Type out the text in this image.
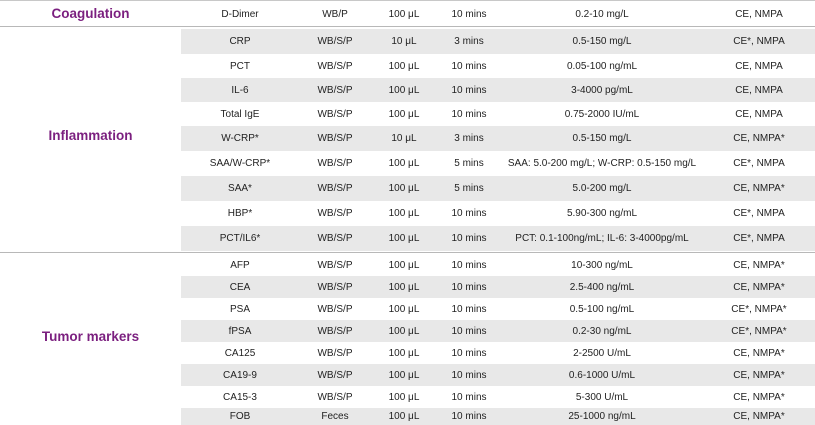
Coagulation	D-Dimer	WB/P	100 μL	10 mins	0.2-10 mg/L	CE, NMPA
Inflammation
CRP	WB/S/P	10 μL	3 mins	0.5-150 mg/L	CE*, NMPA
PCT	WB/S/P	100 μL	10 mins	0.05-100 ng/mL	CE, NMPA
IL-6	WB/S/P	100 μL	10 mins	3-4000 pg/mL	CE, NMPA
Total IgE	WB/S/P	100 μL	10 mins	0.75-2000 IU/mL	CE, NMPA
W-CRP*	WB/S/P	10 μL	3 mins	0.5-150 mg/L	CE, NMPA*
SAA/W-CRP*	WB/S/P	100 μL	5 mins	SAA: 5.0-200 mg/L; W-CRP: 0.5-150 mg/L	CE*, NMPA
SAA*	WB/S/P	100 μL	5 mins	5.0-200 mg/L	CE, NMPA*
HBP*	WB/S/P	100 μL	10 mins	5.90-300 ng/mL	CE*, NMPA
PCT/IL6*	WB/S/P	100 μL	10 mins	PCT: 0.1-100ng/mL; IL-6: 3-4000pg/mL	CE*, NMPA
Tumor markers
AFP	WB/S/P	100 μL	10 mins	10-300 ng/mL	CE, NMPA*
CEA	WB/S/P	100 μL	10 mins	2.5-400 ng/mL	CE, NMPA*
PSA	WB/S/P	100 μL	10 mins	0.5-100 ng/mL	CE*, NMPA*
fPSA	WB/S/P	100 μL	10 mins	0.2-30 ng/mL	CE*, NMPA*
CA125	WB/S/P	100 μL	10 mins	2-2500 U/mL	CE, NMPA*
CA19-9	WB/S/P	100 μL	10 mins	0.6-1000 U/mL	CE, NMPA*
CA15-3	WB/S/P	100 μL	10 mins	5-300 U/mL	CE, NMPA*
FOB	Feces	100 μL	10 mins	25-1000 ng/mL	CE, NMPA*
